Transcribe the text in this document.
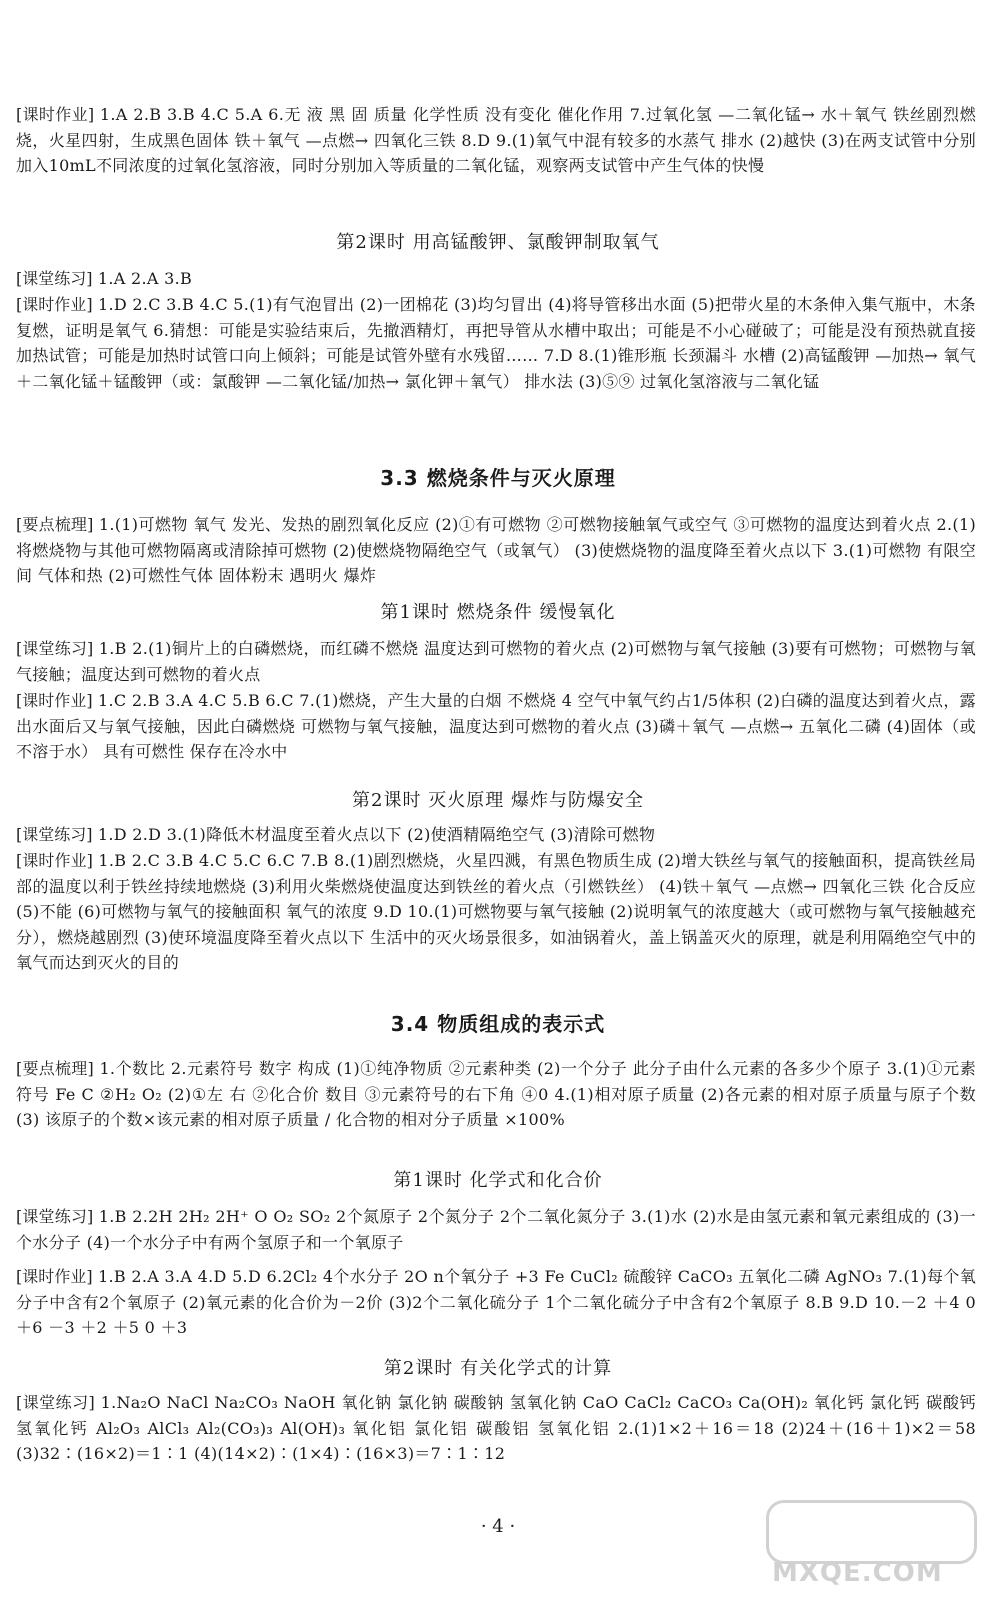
[课时作业] 1.A 2.B 3.B 4.C 5.A 6.无 液 黑 固 质量 化学性质 没有变化 催化作用 7.过氧化氢 —二氧化锰→ 水＋氧气 铁丝剧烈燃烧，火星四射，生成黑色固体 铁＋氧气 —点燃→ 四氧化三铁 8.D 9.(1)氧气中混有较多的水蒸气 排水 (2)越快 (3)在两支试管中分别加入10mL不同浓度的过氧化氢溶液，同时分别加入等质量的二氧化锰，观察两支试管中产生气体的快慢
第2课时 用高锰酸钾、氯酸钾制取氧气
[课堂练习] 1.A 2.A 3.B
[课时作业] 1.D 2.C 3.B 4.C 5.(1)有气泡冒出 (2)一团棉花 (3)均匀冒出 (4)将导管移出水面 (5)把带火星的木条伸入集气瓶中，木条复燃，证明是氧气 6.猜想：可能是实验结束后，先撤酒精灯，再把导管从水槽中取出；可能是不小心碰破了；可能是没有预热就直接加热试管；可能是加热时试管口向上倾斜；可能是试管外壁有水残留…… 7.D 8.(1)锥形瓶 长颈漏斗 水槽 (2)高锰酸钾 —加热→ 氧气＋二氧化锰＋锰酸钾（或：氯酸钾 —二氧化锰/加热→ 氯化钾＋氧气） 排水法 (3)⑤⑨ 过氧化氢溶液与二氧化锰
3.3 燃烧条件与灭火原理
[要点梳理] 1.(1)可燃物 氧气 发光、发热的剧烈氧化反应 (2)①有可燃物 ②可燃物接触氧气或空气 ③可燃物的温度达到着火点 2.(1)将燃烧物与其他可燃物隔离或清除掉可燃物 (2)使燃烧物隔绝空气（或氧气） (3)使燃烧物的温度降至着火点以下 3.(1)可燃物 有限空间 气体和热 (2)可燃性气体 固体粉末 遇明火 爆炸
第1课时 燃烧条件 缓慢氧化
[课堂练习] 1.B 2.(1)铜片上的白磷燃烧，而红磷不燃烧 温度达到可燃物的着火点 (2)可燃物与氧气接触 (3)要有可燃物；可燃物与氧气接触；温度达到可燃物的着火点
[课时作业] 1.C 2.B 3.A 4.C 5.B 6.C 7.(1)燃烧，产生大量的白烟 不燃烧 4 空气中氧气约占1/5体积 (2)白磷的温度达到着火点，露出水面后又与氧气接触，因此白磷燃烧 可燃物与氧气接触，温度达到可燃物的着火点 (3)磷＋氧气 —点燃→ 五氧化二磷 (4)固体（或不溶于水） 具有可燃性 保存在冷水中
第2课时 灭火原理 爆炸与防爆安全
[课堂练习] 1.D 2.D 3.(1)降低木材温度至着火点以下 (2)使酒精隔绝空气 (3)清除可燃物
[课时作业] 1.B 2.C 3.B 4.C 5.C 6.C 7.B 8.(1)剧烈燃烧，火星四溅，有黑色物质生成 (2)增大铁丝与氧气的接触面积，提高铁丝局部的温度以利于铁丝持续地燃烧 (3)利用火柴燃烧使温度达到铁丝的着火点（引燃铁丝） (4)铁＋氧气 —点燃→ 四氧化三铁 化合反应 (5)不能 (6)可燃物与氧气的接触面积 氧气的浓度 9.D 10.(1)可燃物要与氧气接触 (2)说明氧气的浓度越大（或可燃物与氧气接触越充分），燃烧越剧烈 (3)使环境温度降至着火点以下 生活中的灭火场景很多，如油锅着火，盖上锅盖灭火的原理，就是利用隔绝空气中的氧气而达到灭火的目的
3.4 物质组成的表示式
[要点梳理] 1.个数比 2.元素符号 数字 构成 (1)①纯净物质 ②元素种类 (2)一个分子 此分子由什么元素的各多少个原子 3.(1)①元素符号 Fe C ②H₂ O₂ (2)①左 右 ②化合价 数目 ③元素符号的右下角 ④0 4.(1)相对原子质量 (2)各元素的相对原子质量与原子个数 (3) 该原子的个数×该元素的相对原子质量 / 化合物的相对分子质量 ×100%
第1课时 化学式和化合价
[课堂练习] 1.B 2.2H 2H₂ 2H⁺ O O₂ SO₂ 2个氮原子 2个氮分子 2个二氧化氮分子 3.(1)水 (2)水是由氢元素和氧元素组成的 (3)一个水分子 (4)一个水分子中有两个氢原子和一个氧原子
[课时作业] 1.B 2.A 3.A 4.D 5.D 6.2Cl₂ 4个水分子 2O n个氧分子 +3 Fe CuCl₂ 硫酸锌 CaCO₃ 五氧化二磷 AgNO₃ 7.(1)每个氧分子中含有2个氧原子 (2)氧元素的化合价为－2价 (3)2个二氧化硫分子 1个二氧化硫分子中含有2个氧原子 8.B 9.D 10.－2 ＋4 0 ＋6 －3 ＋2 ＋5 0 ＋3
第2课时 有关化学式的计算
[课堂练习] 1.Na₂O NaCl Na₂CO₃ NaOH 氧化钠 氯化钠 碳酸钠 氢氧化钠 CaO CaCl₂ CaCO₃ Ca(OH)₂ 氧化钙 氯化钙 碳酸钙 氢氧化钙 Al₂O₃ AlCl₃ Al₂(CO₃)₃ Al(OH)₃ 氧化铝 氯化铝 碳酸铝 氢氧化铝 2.(1)1×2＋16＝18 (2)24＋(16＋1)×2＝58 (3)32∶(16×2)＝1∶1 (4)(14×2)∶(1×4)∶(16×3)＝7∶1∶12
· 4 ·
MXQE.COM
